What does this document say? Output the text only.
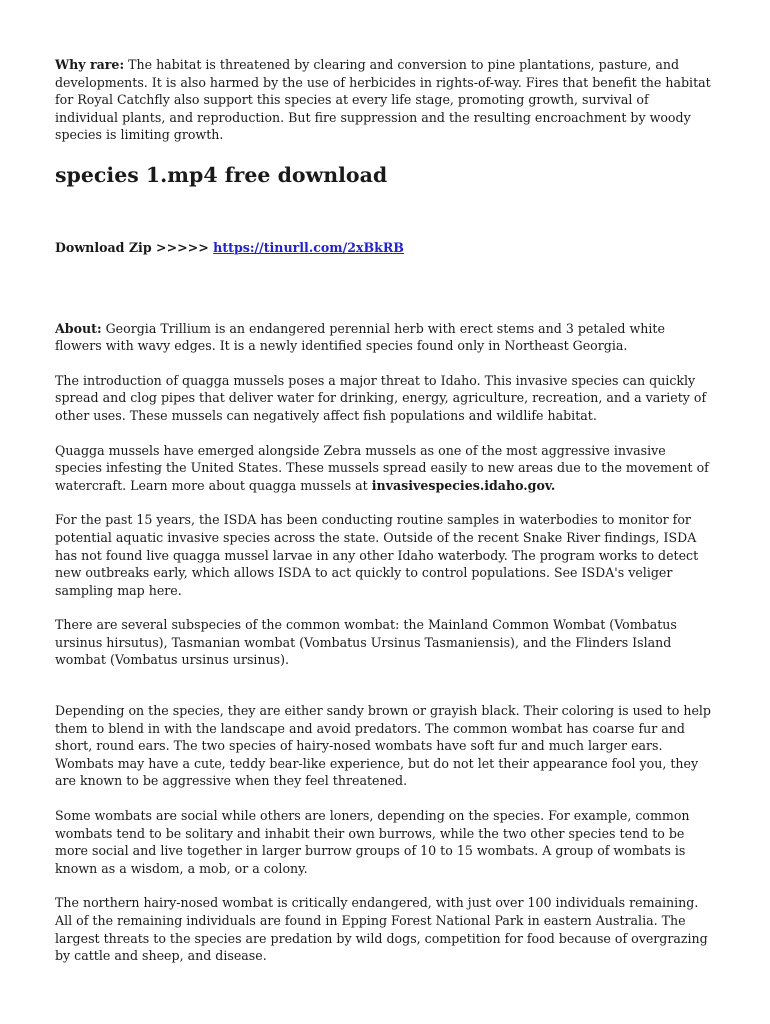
Why rare: The habitat is threatened by clearing and conversion to pine plantations, pasture, and developments. It is also harmed by the use of herbicides in rights-of-way. Fires that benefit the habitat for Royal Catchfly also support this species at every life stage, promoting growth, survival of individual plants, and reproduction. But fire suppression and the resulting encroachment by woody species is limiting growth.

species 1.mp4 free download

Download Zip >>>>> https://tinurll.com/2xBkRB

About: Georgia Trillium is an endangered perennial herb with erect stems and 3 petaled white flowers with wavy edges. It is a newly identified species found only in Northeast Georgia.

The introduction of quagga mussels poses a major threat to Idaho. This invasive species can quickly spread and clog pipes that deliver water for drinking, energy, agriculture, recreation, and a variety of other uses. These mussels can negatively affect fish populations and wildlife habitat.

Quagga mussels have emerged alongside Zebra mussels as one of the most aggressive invasive species infesting the United States. These mussels spread easily to new areas due to the movement of watercraft. Learn more about quagga mussels at invasivespecies.idaho.gov.

For the past 15 years, the ISDA has been conducting routine samples in waterbodies to monitor for potential aquatic invasive species across the state. Outside of the recent Snake River findings, ISDA has not found live quagga mussel larvae in any other Idaho waterbody. The program works to detect new outbreaks early, which allows ISDA to act quickly to control populations. See ISDA's veliger sampling map here.

There are several subspecies of the common wombat: the Mainland Common Wombat (Vombatus ursinus hirsutus), Tasmanian wombat (Vombatus Ursinus Tasmaniensis), and the Flinders Island wombat (Vombatus ursinus ursinus).

Depending on the species, they are either sandy brown or grayish black. Their coloring is used to help them to blend in with the landscape and avoid predators. The common wombat has coarse fur and short, round ears. The two species of hairy-nosed wombats have soft fur and much larger ears. Wombats may have a cute, teddy bear-like experience, but do not let their appearance fool you, they are known to be aggressive when they feel threatened.

Some wombats are social while others are loners, depending on the species. For example, common wombats tend to be solitary and inhabit their own burrows, while the two other species tend to be more social and live together in larger burrow groups of 10 to 15 wombats. A group of wombats is known as a wisdom, a mob, or a colony.

The northern hairy-nosed wombat is critically endangered, with just over 100 individuals remaining. All of the remaining individuals are found in Epping Forest National Park in eastern Australia. The largest threats to the species are predation by wild dogs, competition for food because of overgrazing by cattle and sheep, and disease.
